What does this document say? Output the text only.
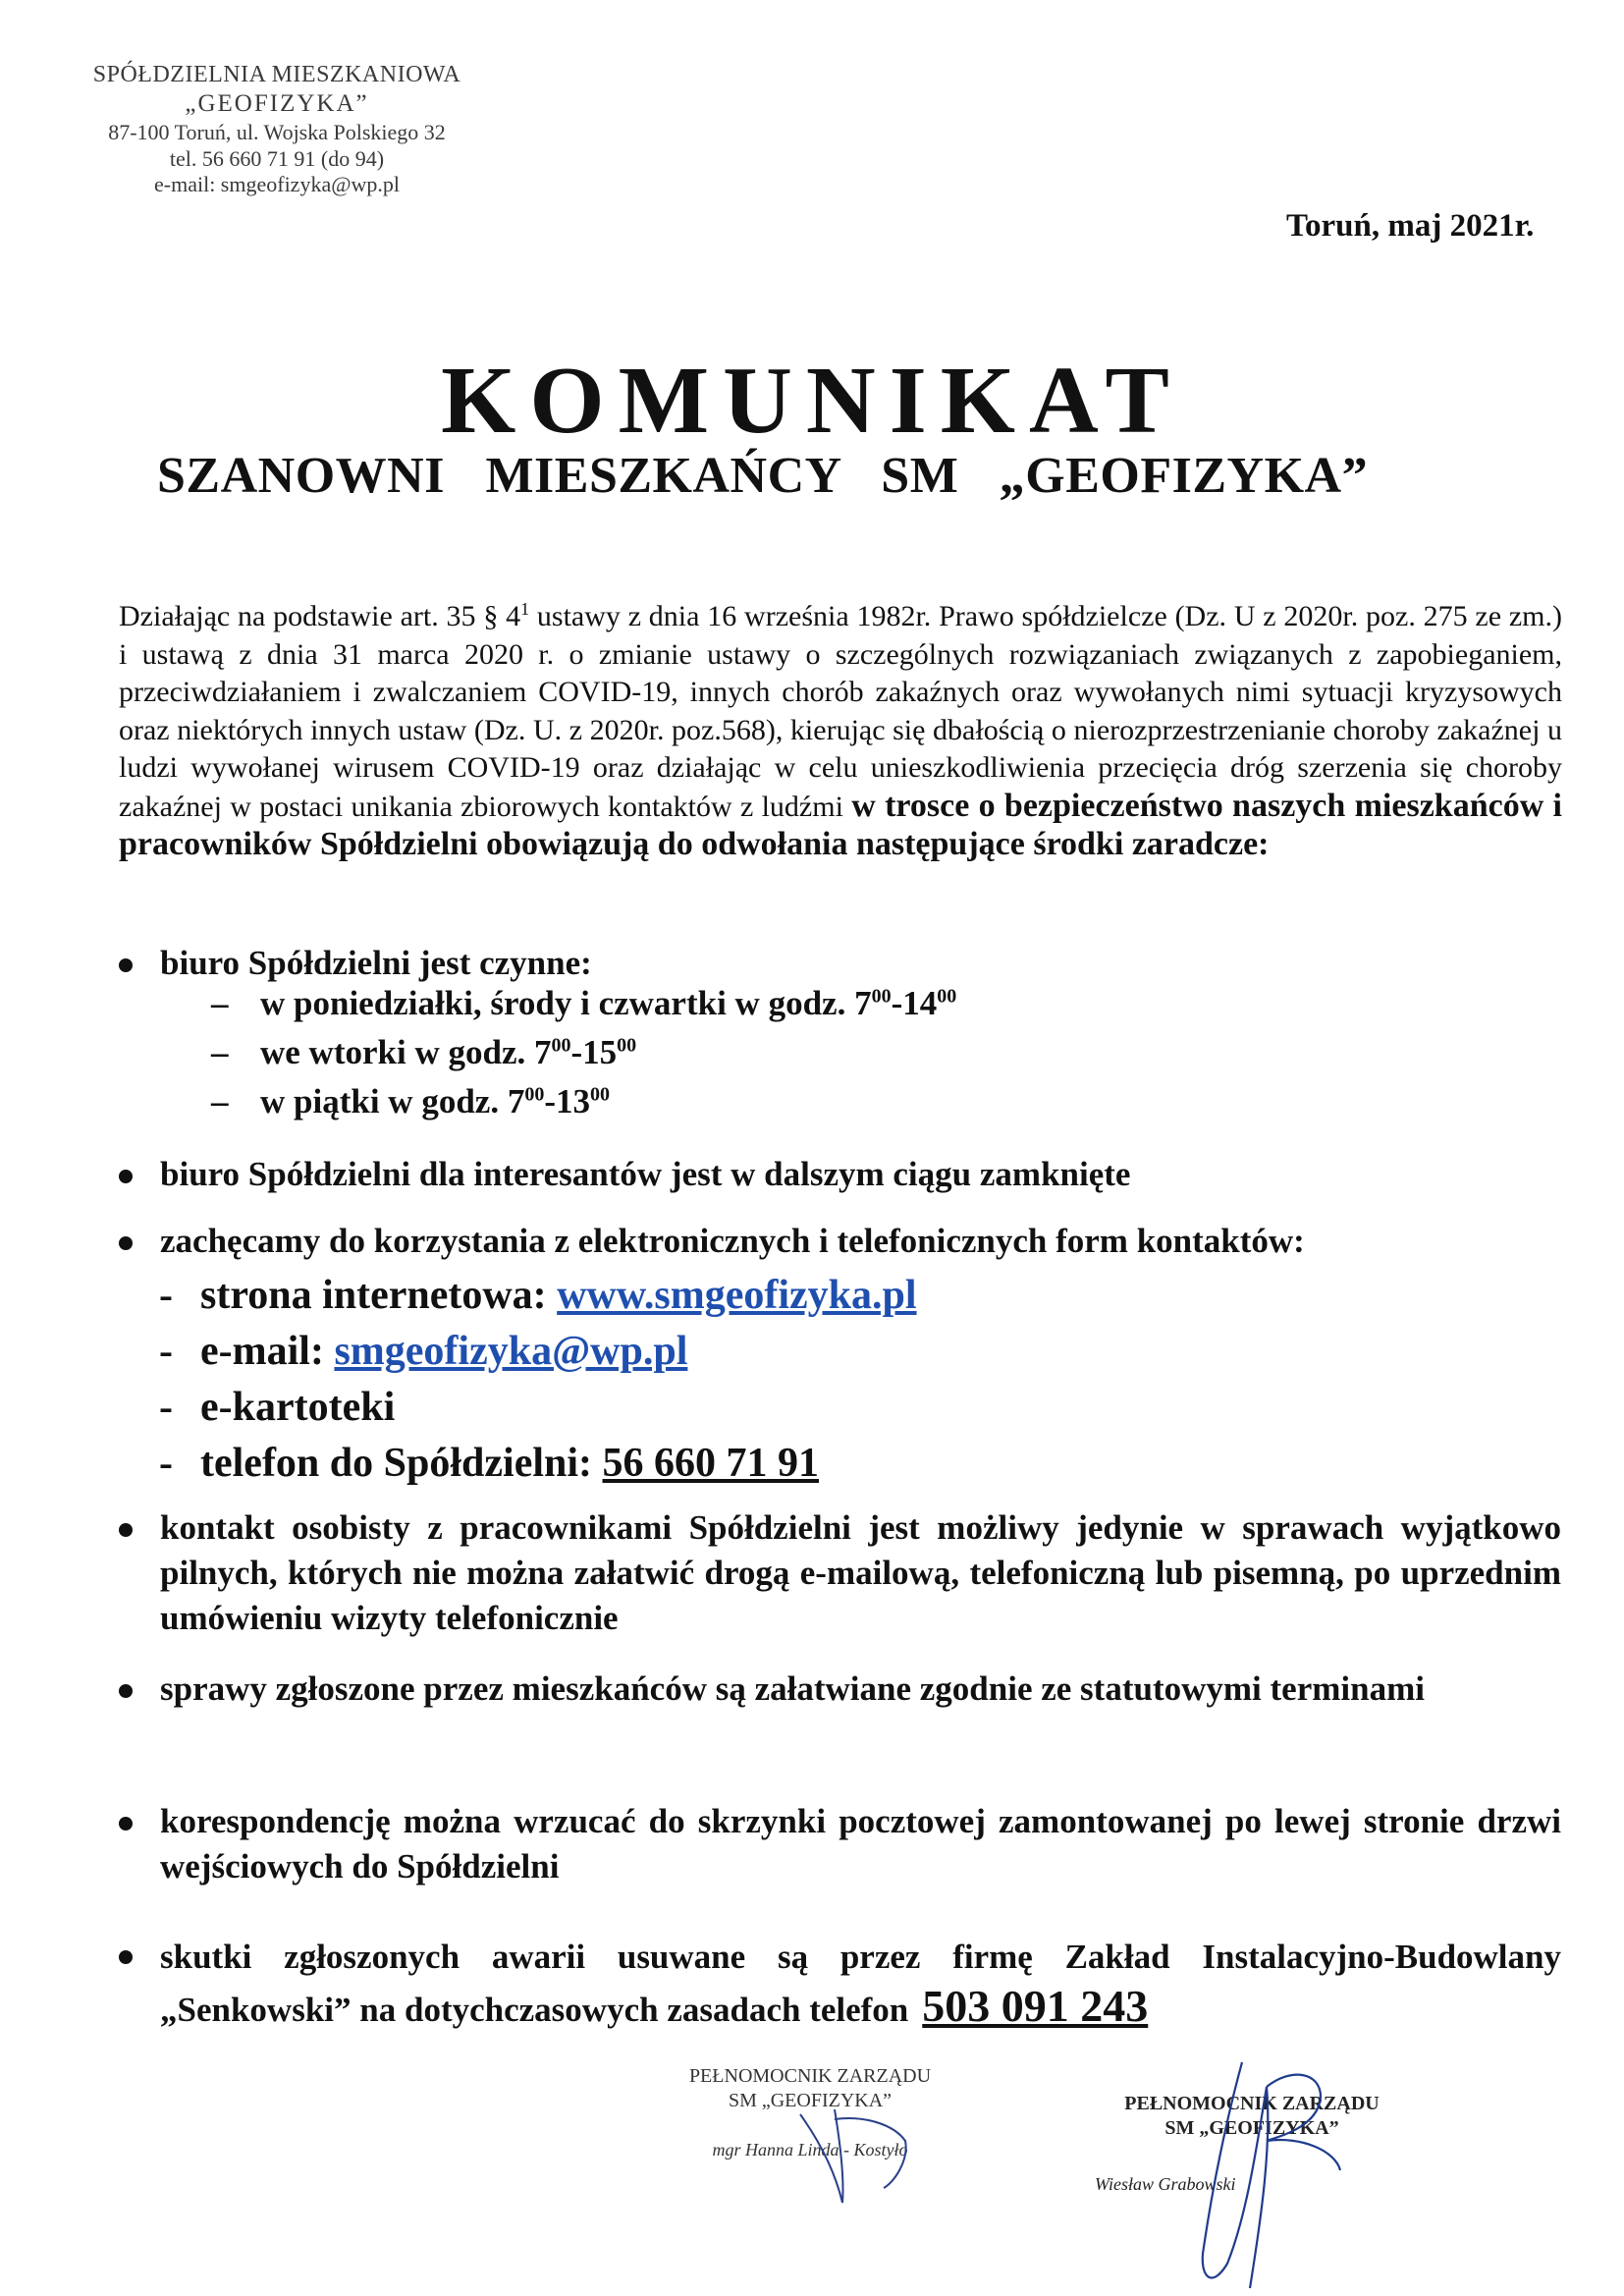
SPÓŁDZIELNIA MIESZKANIOWA
„GEOFIZYKA”
87-100 Toruń, ul. Wojska Polskiego 32
tel. 56 660 71 91 (do 94)
e-mail: smgeofizyka@wp.pl
Toruń, maj 2021r.
KOMUNIKAT
SZANOWNI MIESZKAŃCY SM „GEOFIZYKA”
Działając na podstawie art. 35 § $4^1$ ustawy z dnia 16 września 1982r. Prawo spółdzielcze (Dz. U z 2020r. poz. 275 ze zm.) i ustawą z dnia 31 marca 2020 r. o zmianie ustawy o szczególnych rozwiązaniach związanych z zapobieganiem, przeciwdziałaniem i zwalczaniem COVID-19, innych chorób zakaźnych oraz wywołanych nimi sytuacji kryzysowych oraz niektórych innych ustaw (Dz. U. z 2020r. poz.568), kierując się dbałością o nierozprzestrzenianie choroby zakaźnej u ludzi wywołanej wirusem COVID-19 oraz działając w celu unieszkodliwienia przecięcia dróg szerzenia się choroby zakaźnej w postaci unikania zbiorowych kontaktów z ludźmi w trosce o bezpieczeństwo naszych mieszkańców i pracowników Spółdzielni obowiązują do odwołania następujące środki zaradcze:
biuro Spółdzielni jest czynne:
– w poniedziałki, środy i czwartki w godz. $7^{00}-14^{00}$
– we wtorki w godz. $7^{00}-15^{00}$
– w piątki w godz. $7^{00}-13^{00}$
biuro Spółdzielni dla interesantów jest w dalszym ciągu zamknięte
zachęcamy do korzystania z elektronicznych i telefonicznych form kontaktów:
- strona internetowa: www.smgeofizyka.pl
- e-mail: smgeofizyka@wp.pl
- e-kartoteki
- telefon do Spółdzielni: 56 660 71 91
kontakt osobisty z pracownikami Spółdzielni jest możliwy jedynie w sprawach wyjątkowo pilnych, których nie można załatwić drogą e-mailową, telefoniczną lub pisemną, po uprzednim umówieniu wizyty telefonicznie
sprawy zgłoszone przez mieszkańców są załatwiane zgodnie ze statutowymi terminami
korespondencję można wrzucać do skrzynki pocztowej zamontowanej po lewej stronie drzwi wejściowych do Spółdzielni
skutki zgłoszonych awarii usuwane są przez firmę Zakład Instalacyjno-Budowlany „Senkowski” na dotychczasowych zasadach telefon 503 091 243
PEŁNOMOCNIK ZARZĄDU
SM „GEOFIZYKA”
mgr Hanna Linda - Kostyło
PEŁNOMOCNIK ZARZĄDU
SM „GEOFIZYKA”
Wiesław Grabowski
